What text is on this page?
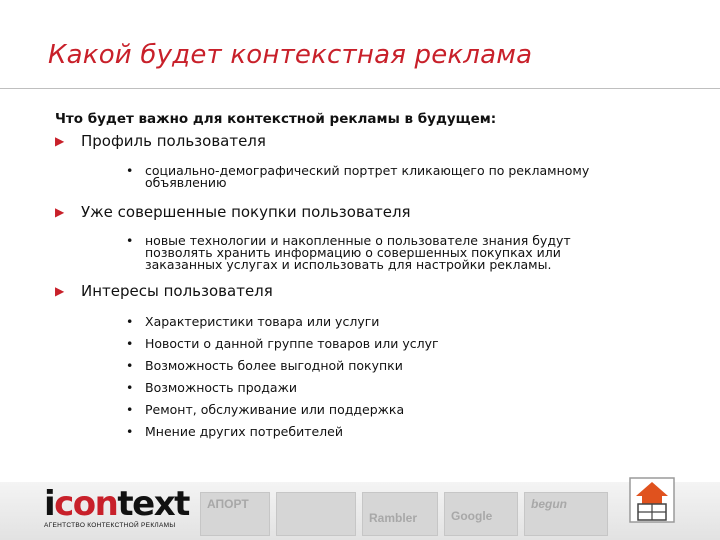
Какой будет контекстная реклама
Что будет важно для контекстной рекламы в будущем:
▶	Профиль пользователя
• социально-демографический портрет кликающего по рекламному
объявлению
▶	Уже совершенные покупки пользователя
• новые технологии и накопленные о пользователе знания будут
позволять хранить информацию о совершенных покупках или
заказанных услугах и использовать для настройки рекламы.
▶	Интересы пользователя
• Характеристики товара или услуги
• Новости о данной группе товаров или услуг
• Возможность более выгодной покупки
• Возможность продажи
• Ремонт, обслуживание или поддержка
• Мнение других потребителей
АПОРТ
Rambler	Google
begun
icontext
АГЕНТСТВО КОНТЕКСТНОЙ РЕКЛАМЫ
